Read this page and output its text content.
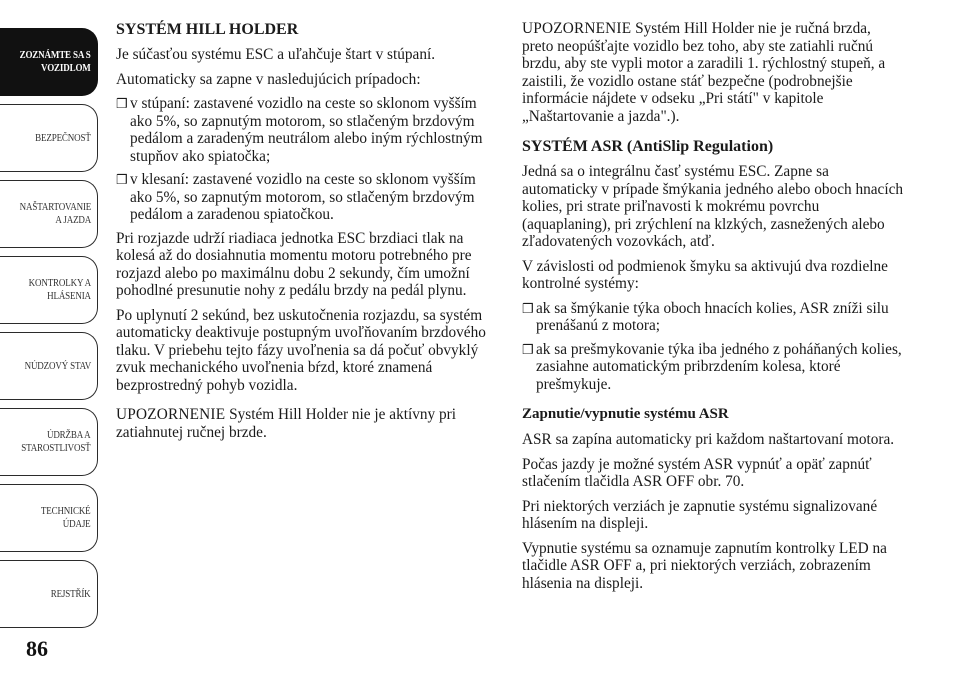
ZOZNÁMTE SA S
VOZIDLOM
BEZPEČNOSŤ
NAŠTARTOVANIE
A JAZDA
KONTROLKY A
HLÁSENIA
NÚDZOVÝ STAV
ÚDRŽBA A
STAROSTLIVOSŤ
TECHNICKÉ
ÚDAJE
REJSTŘÍK
86
SYSTÉM HILL HOLDER
Je súčasťou systému ESC a uľahčuje štart v stúpaní.
Automaticky sa zapne v nasledujúcich prípadoch:
❒ v stúpaní: zastavené vozidlo na ceste so sklonom vyšším ako 5%, so zapnutým motorom, so stlačeným brzdovým pedálom a zaradeným neutrálom alebo iným rýchlostným stupňov ako spiatočka;
❒ v klesaní: zastavené vozidlo na ceste so sklonom vyšším ako 5%, so zapnutým motorom, so stlačeným brzdovým pedálom a zaradenou spiatočkou.
Pri rozjazde udrží riadiaca jednotka ESC brzdiaci tlak na kolesá až do dosiahnutia momentu motoru potrebného pre rozjazd alebo po maximálnu dobu 2 sekundy, čím umožní pohodlné presunutie nohy z pedálu brzdy na pedál plynu.
Po uplynutí 2 sekúnd, bez uskutočnenia rozjazdu, sa systém automaticky deaktivuje postupným uvoľňovaním brzdového tlaku. V priebehu tejto fázy uvoľnenia sa dá počuť obvyklý zvuk mechanického uvoľnenia bŕzd, ktoré znamená bezprostredný pohyb vozidla.
UPOZORNENIE Systém Hill Holder nie je aktívny pri zatiahnutej ručnej brzde.
UPOZORNENIE Systém Hill Holder nie je ručná brzda, preto neopúšťajte vozidlo bez toho, aby ste zatiahli ručnú brzdu, aby ste vypli motor a zaradili 1. rýchlostný stupeň, a zaistili, že vozidlo ostane stáť bezpečne (podrobnejšie informácie nájdete v odseku „Pri státí" v kapitole „Naštartovanie a jazda".).
SYSTÉM ASR (AntiSlip Regulation)
Jedná sa o integrálnu časť systému ESC. Zapne sa automaticky v prípade šmýkania jedného alebo oboch hnacích kolies, pri strate priľnavosti k mokrému povrchu (aquaplaning), pri zrýchlení na klzkých, zasnežených alebo zľadovatených vozovkách, atď.
V závislosti od podmienok šmyku sa aktivujú dva rozdielne kontrolné systémy:
❒ ak sa šmýkanie týka oboch hnacích kolies, ASR zníži silu prenášanú z motora;
❒ ak sa prešmykovanie týka iba jedného z poháňaných kolies, zasiahne automatickým pribrzdením kolesa, ktoré prešmykuje.
Zapnutie/vypnutie systému ASR
ASR sa zapína automaticky pri každom naštartovaní motora.
Počas jazdy je možné systém ASR vypnúť a opäť zapnúť stlačením tlačidla ASR OFF obr. 70.
Pri niektorých verziách je zapnutie systému signalizované hlásením na displeji.
Vypnutie systému sa oznamuje zapnutím kontrolky LED na tlačidle ASR OFF a, pri niektorých verziách, zobrazením hlásenia na displeji.
